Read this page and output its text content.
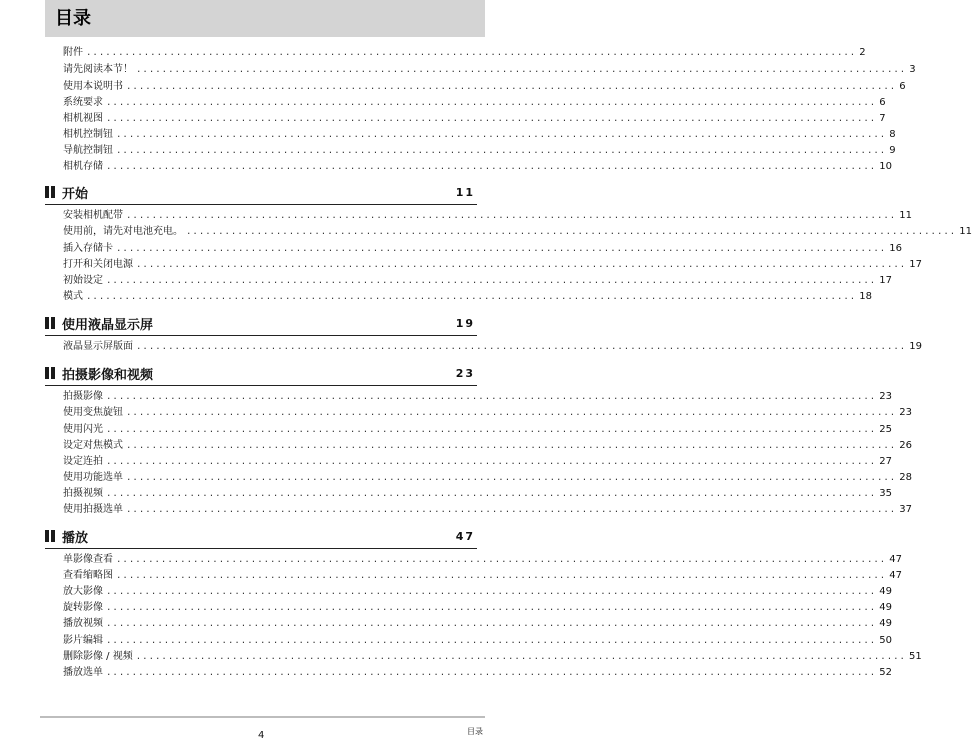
目录
附件 ........................................................................................................................ 2
请先阅读本节！ ........................................................................................................................ 3
使用本说明书 ........................................................................................................................ 6
系统要求 ........................................................................................................................ 6
相机视图 ........................................................................................................................ 7
相机控制钮 ........................................................................................................................ 8
导航控制钮 ........................................................................................................................ 9
相机存储 ........................................................................................................................ 10
开始	11
安装相机配带 ........................................................................................................................ 11
使用前，请先对电池充电。 ........................................................................................................................ 11
插入存储卡 ........................................................................................................................ 16
打开和关闭电源 ........................................................................................................................ 17
初始设定 ........................................................................................................................ 17
模式 ........................................................................................................................ 18
使用液晶显示屏	19
液晶显示屏版面 ........................................................................................................................ 19
拍摄影像和视频	23
拍摄影像 ........................................................................................................................ 23
使用变焦旋钮 ........................................................................................................................ 23
使用闪光 ........................................................................................................................ 25
设定对焦模式 ........................................................................................................................ 26
设定连拍 ........................................................................................................................ 27
使用功能选单 ........................................................................................................................ 28
拍摄视频 ........................................................................................................................ 35
使用拍摄选单 ........................................................................................................................ 37
播放	47
单影像查看 ........................................................................................................................ 47
查看缩略图 ........................................................................................................................ 47
放大影像 ........................................................................................................................ 49
旋转影像 ........................................................................................................................ 49
播放视频 ........................................................................................................................ 49
影片编辑 ........................................................................................................................ 50
删除影像 / 视频 ........................................................................................................................ 51
播放选单 ........................................................................................................................ 52
4	目录
